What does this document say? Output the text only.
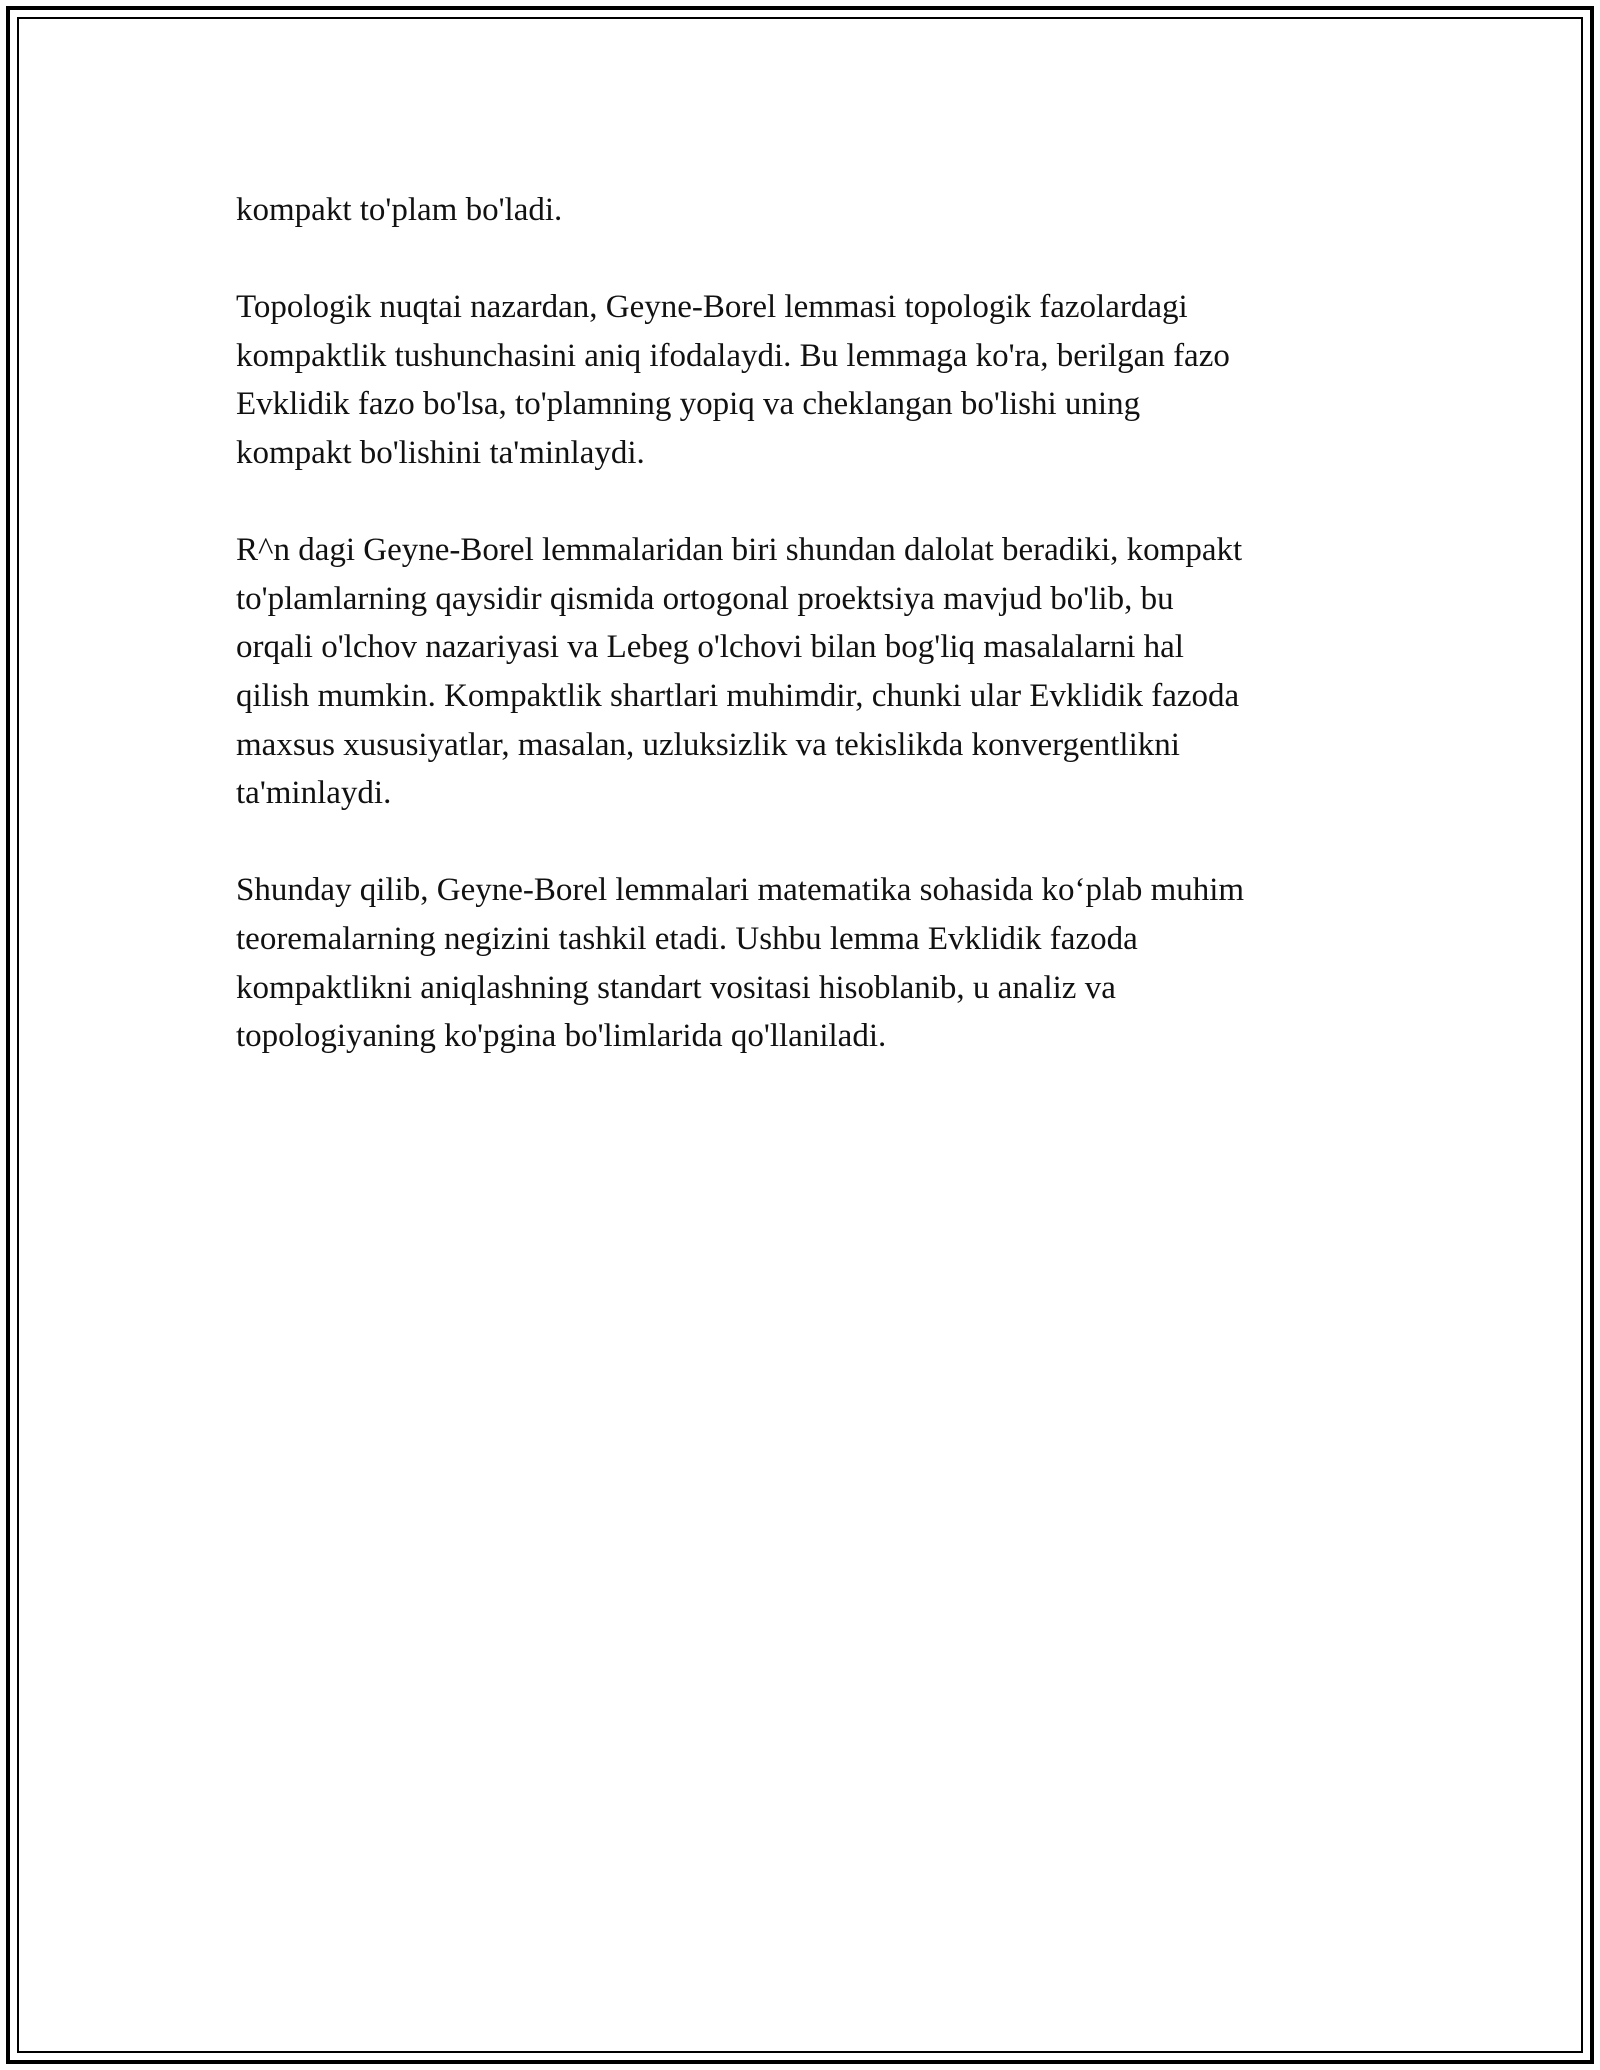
kompakt to'plam bo'ladi.

Topologik nuqtai nazardan, Geyne-Borel lemmasi topologik fazolardagi
kompaktlik tushunchasini aniq ifodalaydi. Bu lemmaga ko'ra, berilgan fazo
Evklidik fazo bo'lsa, to'plamning yopiq va cheklangan bo'lishi uning
kompakt bo'lishini ta'minlaydi.

R^n dagi Geyne-Borel lemmalaridan biri shundan dalolat beradiki, kompakt
to'plamlarning qaysidir qismida ortogonal proektsiya mavjud bo'lib, bu
orqali o'lchov nazariyasi va Lebeg o'lchovi bilan bog'liq masalalarni hal
qilish mumkin. Kompaktlik shartlari muhimdir, chunki ular Evklidik fazoda
maxsus xususiyatlar, masalan, uzluksizlik va tekislikda konvergentlikni
ta'minlaydi.

Shunday qilib, Geyne-Borel lemmalari matematika sohasida ko‘plab muhim
teoremalarning negizini tashkil etadi. Ushbu lemma Evklidik fazoda
kompaktlikni aniqlashning standart vositasi hisoblanib, u analiz va
topologiyaning ko'pgina bo'limlarida qo'llaniladi.
